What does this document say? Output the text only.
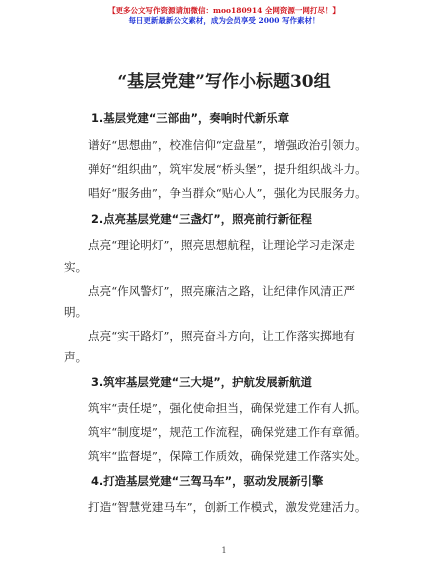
【更多公文写作资源请加微信：moo180914 全网资源一网打尽！】
每日更新最新公文素材，成为会员享受 2000 写作素材！
“基层党建”写作小标题30组
1.基层党建“三部曲”，奏响时代新乐章
谱好“思想曲”，校准信仰“定盘星”，增强政治引领力。
弹好“组织曲”，筑牢发展“桥头堡”，提升组织战斗力。
唱好“服务曲”，争当群众“贴心人”，强化为民服务力。
2.点亮基层党建“三盏灯”，照亮前行新征程
点亮“理论明灯”，照亮思想航程，让理论学习走深走
实。
点亮“作风警灯”，照亮廉洁之路，让纪律作风清正严
明。
点亮“实干路灯”，照亮奋斗方向，让工作落实掷地有
声。
3.筑牢基层党建“三大堤”，护航发展新航道
筑牢“责任堤”，强化使命担当，确保党建工作有人抓。
筑牢“制度堤”，规范工作流程，确保党建工作有章循。
筑牢“监督堤”，保障工作质效，确保党建工作落实处。
4.打造基层党建“三驾马车”，驱动发展新引擎
打造“智慧党建马车”，创新工作模式，激发党建活力。
1
